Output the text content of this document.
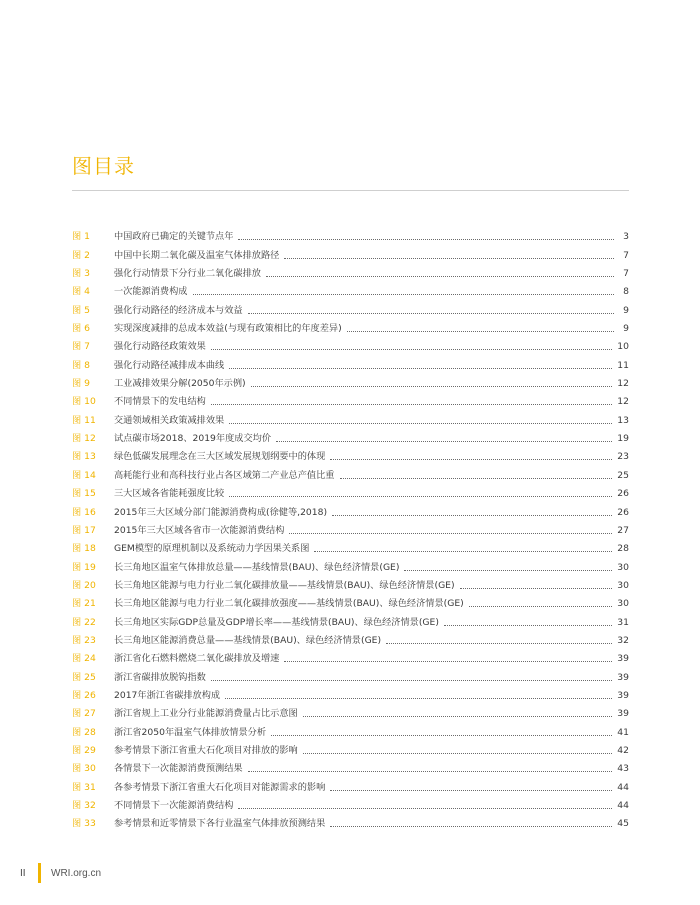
图目录
图 1	中国政府已确定的关键节点年	3
图 2	中国中长期二氧化碳及温室气体排放路径	7
图 3	强化行动情景下分行业二氧化碳排放	7
图 4	一次能源消费构成	8
图 5	强化行动路径的经济成本与效益	9
图 6	实现深度减排的总成本效益(与现有政策相比的年度差异)	9
图 7	强化行动路径政策效果	10
图 8	强化行动路径减排成本曲线	11
图 9	工业减排效果分解(2050年示例)	12
图 10	不同情景下的发电结构	12
图 11	交通领域相关政策减排效果	13
图 12	试点碳市场2018、2019年度成交均价	19
图 13	绿色低碳发展理念在三大区域发展规划纲要中的体现	23
图 14	高耗能行业和高科技行业占各区域第二产业总产值比重	25
图 15	三大区域各省能耗强度比较	26
图 16	2015年三大区域分部门能源消费构成(徐健等,2018)	26
图 17	2015年三大区域各省市一次能源消费结构	27
图 18	GEM模型的原理机制以及系统动力学因果关系图	28
图 19	长三角地区温室气体排放总量——基线情景(BAU)、绿色经济情景(GE)	30
图 20	长三角地区能源与电力行业二氧化碳排放量——基线情景(BAU)、绿色经济情景(GE)	30
图 21	长三角地区能源与电力行业二氧化碳排放强度——基线情景(BAU)、绿色经济情景(GE)	30
图 22	长三角地区实际GDP总量及GDP增长率——基线情景(BAU)、绿色经济情景(GE)	31
图 23	长三角地区能源消费总量——基线情景(BAU)、绿色经济情景(GE)	32
图 24	浙江省化石燃料燃烧二氧化碳排放及增速	39
图 25	浙江省碳排放脱钩指数	39
图 26	2017年浙江省碳排放构成	39
图 27	浙江省规上工业分行业能源消费量占比示意图	39
图 28	浙江省2050年温室气体排放情景分析	41
图 29	参考情景下浙江省重大石化项目对排放的影响	42
图 30	各情景下一次能源消费预测结果	43
图 31	各参考情景下浙江省重大石化项目对能源需求的影响	44
图 32	不同情景下一次能源消费结构	44
图 33	参考情景和近零情景下各行业温室气体排放预测结果	45
II	WRI.org.cn
